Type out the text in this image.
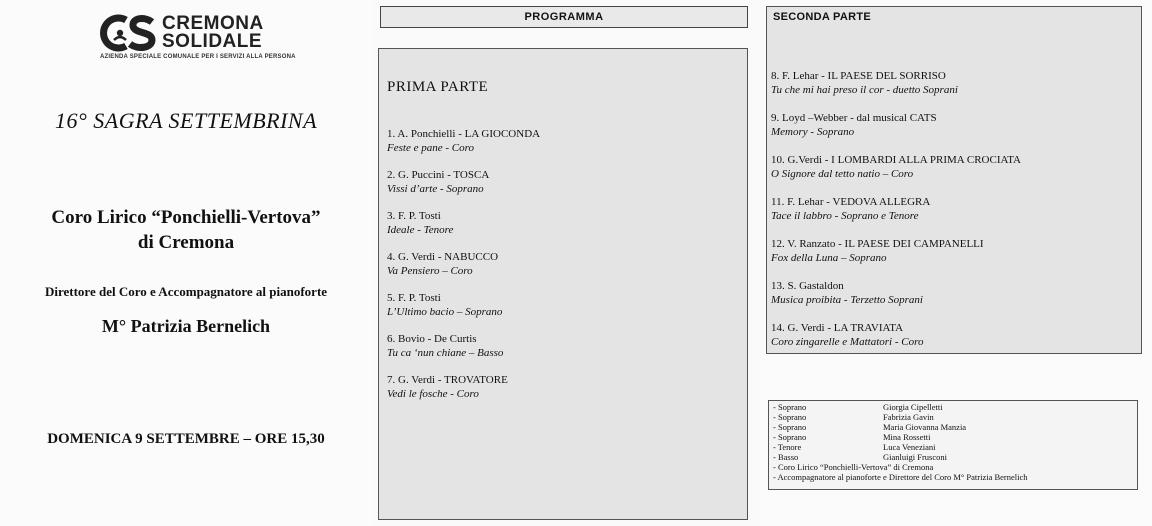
CREMONA
SOLIDALE
AZIENDA SPECIALE COMUNALE PER I SERVIZI ALLA PERSONA
16° SAGRA SETTEMBRINA
Coro Lirico “Ponchielli-Vertova”
di Cremona
Direttore del Coro e Accompagnatore al pianoforte
M° Patrizia Bernelich
DOMENICA 9 SETTEMBRE – ORE 15,30
PROGRAMMA
PRIMA PARTE
1. A. Ponchielli - LA GIOCONDA
Feste e pane - Coro
2. G. Puccini - TOSCA
Vissi d’arte - Soprano
3. F. P. Tosti
Ideale - Tenore
4. G. Verdi - NABUCCO
Va Pensiero – Coro
5. F. P. Tosti
L’Ultimo bacio – Soprano
6. Bovio - De Curtis
Tu ca ‘nun chiane – Basso
7. G. Verdi - TROVATORE
Vedi le fosche - Coro
SECONDA PARTE
8. F. Lehar - IL PAESE DEL SORRISO
Tu che mi hai preso il cor - duetto Soprani
9. Loyd –Webber - dal musical CATS
Memory - Soprano
10. G.Verdi - I LOMBARDI ALLA PRIMA CROCIATA
O Signore dal tetto natio – Coro
11. F. Lehar - VEDOVA ALLEGRA
Tace il labbro - Soprano e Tenore
12. V. Ranzato - IL PAESE DEI CAMPANELLI
Fox della Luna – Soprano
13. S. Gastaldon
Musica proibita - Terzetto Soprani
14. G. Verdi - LA TRAVIATA
Coro zingarelle e Mattatori - Coro
- Soprano	Giorgia Cipelletti
- Soprano	Fabrizia Gavin
- Soprano	Maria Giovanna Manzia
- Soprano	Mina Rossetti
- Tenore	Luca Veneziani
- Basso	Gianluigi Frusconi
- Coro Lirico “Ponchielli-Vertova” di Cremona
- Accompagnatore al pianoforte e Direttore del Coro M° Patrizia Bernelich
